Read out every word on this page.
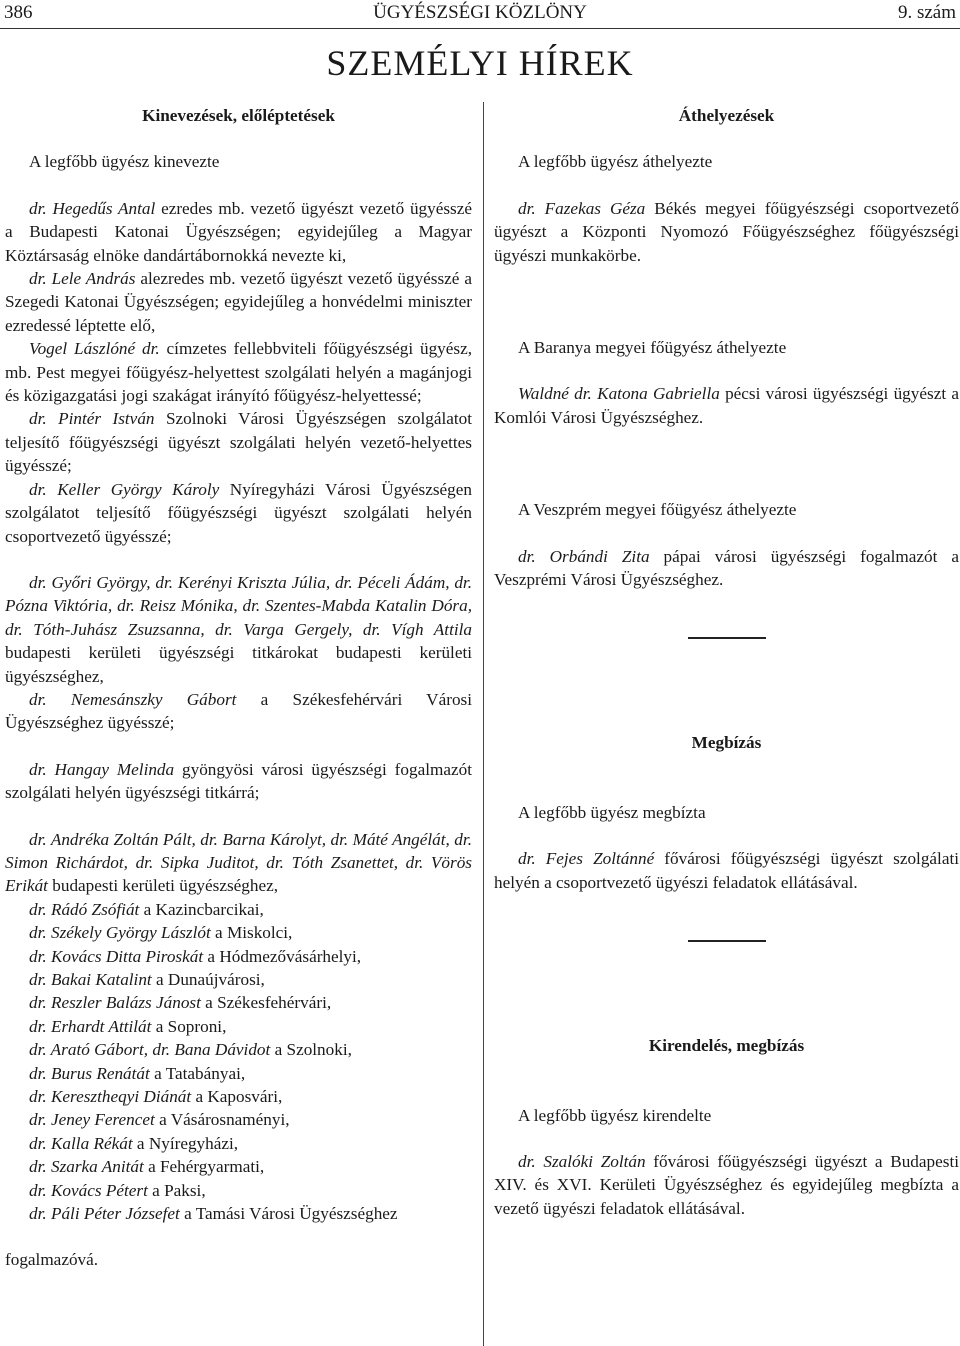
386	ÜGYÉSZSÉGI KÖZLÖNY	9. szám
SZEMÉLYI HÍREK

Kinevezések, előléptetések

A legfőbb ügyész kinevezte

dr. Hegedűs Antal ezredes mb. vezető ügyészt vezető ügyésszé a Budapesti Katonai Ügyészségen; egyidejűleg a Magyar Köztársaság elnöke dandártábornokká nevezte ki,

dr. Lele András alezredes mb. vezető ügyészt vezető ügyésszé a Szegedi Katonai Ügyészségen; egyidejűleg a honvédelmi miniszter ezredessé léptette elő,

Vogel Lászlóné dr. címzetes fellebbviteli főügyészségi ügyész, mb. Pest megyei főügyész-helyettest szolgálati helyén a magánjogi és közigazgatási jogi szakágat irányító főügyész-helyettessé;

dr. Pintér István Szolnoki Városi Ügyészségen szolgálatot teljesítő főügyészségi ügyészt szolgálati helyén vezető-helyettes ügyésszé;

dr. Keller György Károly Nyíregyházi Városi Ügyészségen szolgálatot teljesítő főügyészségi ügyészt szolgálati helyén csoportvezető ügyésszé;

dr. Győri György, dr. Kerényi Kriszta Júlia, dr. Péceli Ádám, dr. Pózna Viktória, dr. Reisz Mónika, dr. Szentes-Mabda Katalin Dóra, dr. Tóth-Juhász Zsuzsanna, dr. Varga Gergely, dr. Vígh Attila budapesti kerületi ügyészségi titkárokat budapesti kerületi ügyészséghez,

dr. Nemesánszky Gábort a Székesfehérvári Városi Ügyészséghez ügyésszé;

dr. Hangay Melinda gyöngyösi városi ügyészségi fogalmazót szolgálati helyén ügyészségi titkárrá;

dr. Andréka Zoltán Pált, dr. Barna Károlyt, dr. Máté Angélát, dr. Simon Richárdot, dr. Sipka Juditot, dr. Tóth Zsanettet, dr. Vörös Erikát budapesti kerületi ügyészséghez,

dr. Rádó Zsófiát a Kazincbarcikai,

dr. Székely György Lászlót a Miskolci,

dr. Kovács Ditta Piroskát a Hódmezővásárhelyi,

dr. Bakai Katalint a Dunaújvárosi,

dr. Reszler Balázs Jánost a Székesfehérvári,

dr. Erhardt Attilát a Soproni,

dr. Arató Gábort, dr. Bana Dávidot a Szolnoki,

dr. Burus Renátát a Tatabányai,

dr. Keresztheqyi Diánát a Kaposvári,

dr. Jeney Ferencet a Vásárosnaményi,

dr. Kalla Rékát a Nyíregyházi,

dr. Szarka Anitát a Fehérgyarmati,

dr. Kovács Pétert a Paksi,

dr. Páli Péter Józsefet a Tamási Városi Ügyészséghez

fogalmazóvá.

Áthelyezések

A legfőbb ügyész áthelyezte

dr. Fazekas Géza Békés megyei főügyészségi csoportvezető ügyészt a Központi Nyomozó Főügyészséghez főügyészségi ügyészi munkakörbe.

A Baranya megyei főügyész áthelyezte

Waldné dr. Katona Gabriella pécsi városi ügyészségi ügyészt a Komlói Városi Ügyészséghez.

A Veszprém megyei főügyész áthelyezte

dr. Orbándi Zita pápai városi ügyészségi fogalmazót a Veszprémi Városi Ügyészséghez.

Megbízás

A legfőbb ügyész megbízta

dr. Fejes Zoltánné fővárosi főügyészségi ügyészt szolgálati helyén a csoportvezető ügyészi feladatok ellátásával.

Kirendelés, megbízás

A legfőbb ügyész kirendelte

dr. Szalóki Zoltán fővárosi főügyészségi ügyészt a Budapesti XIV. és XVI. Kerületi Ügyészséghez és egyidejűleg megbízta a vezető ügyészi feladatok ellátásával.
